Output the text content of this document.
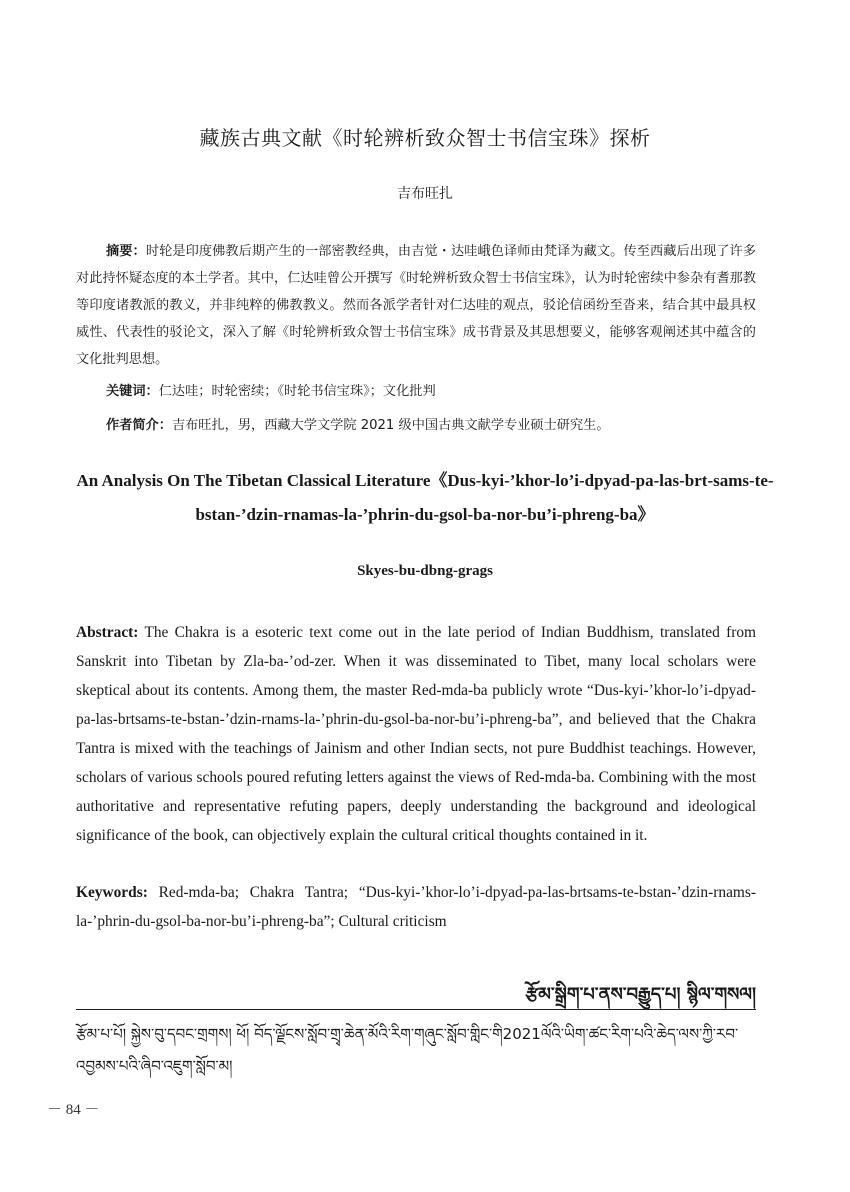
藏族古典文献《时轮辨析致众智士书信宝珠》探析
吉布旺扎
摘要：时轮是印度佛教后期产生的一部密教经典，由吉觉・达哇峨色译师由梵译为藏文。传至西藏后出现了许多对此持怀疑态度的本土学者。其中，仁达哇曾公开撰写《时轮辨析致众智士书信宝珠》，认为时轮密续中参杂有耆那教等印度诸教派的教义，并非纯粹的佛教教义。然而各派学者针对仁达哇的观点，驳论信函纷至沓来，结合其中最具权威性、代表性的驳论文，深入了解《时轮辨析致众智士书信宝珠》成书背景及其思想要义，能够客观阐述其中蕴含的文化批判思想。
关键词：仁达哇；时轮密续；《时轮书信宝珠》；文化批判
作者简介：吉布旺扎，男，西藏大学文学院 2021 级中国古典文献学专业硕士研究生。
An Analysis On The Tibetan Classical Literature《Dus-kyi-’khor-lo’i-dpyad-pa-las-brt-sams-te-bstan-’dzin-rnamas-la-’phrin-du-gsol-ba-nor-bu’i-phreng-ba》
Skyes-bu-dbng-grags
Abstract: The Chakra is a esoteric text come out in the late period of Indian Buddhism, translated from Sanskrit into Tibetan by Zla-ba-’od-zer. When it was disseminated to Tibet, many local scholars were skeptical about its contents. Among them, the master Red-mda-ba publicly wrote “Dus-kyi-’khor-lo’i-dpyad-pa-las-brtsams-te-bstan-’dzin-rnams-la-’phrin-du-gsol-ba-nor-bu’i-phreng-ba”, and believed that the Chakra Tantra is mixed with the teachings of Jainism and other Indian sects, not pure Buddhist teachings. However, scholars of various schools poured refuting letters against the views of Red-mda-ba. Combining with the most authoritative and representative refuting papers, deeply understanding the background and ideological significance of the book, can objectively explain the cultural critical thoughts contained in it.
Keywords: Red-mda-ba; Chakra Tantra; “Dus-kyi-’khor-lo’i-dpyad-pa-las-brtsams-te-bstan-’dzin-rnams-la-’phrin-du-gsol-ba-nor-bu’i-phreng-ba”; Cultural criticism
རྩོམ་སྒྲིག་པ་ནས་བརྒྱུད་པ། སྙིལ་གསལ།
རྩོམ་པ་པོ། སྐྱེས་བུ་དབང་གྲགས། ཕོ། བོད་ལྗོངས་སློབ་གྲྭ་ཆེན་མོའི་རིག་གཞུང་སློབ་གླིང་གི2021ལོའི་ཡིག་ཚང་རིག་པའི་ཆེད་ལས་ཀྱི་རབ་འབྱམས་པའི་ཞིབ་འཇུག་སློབ་མ།
－ 84 －
